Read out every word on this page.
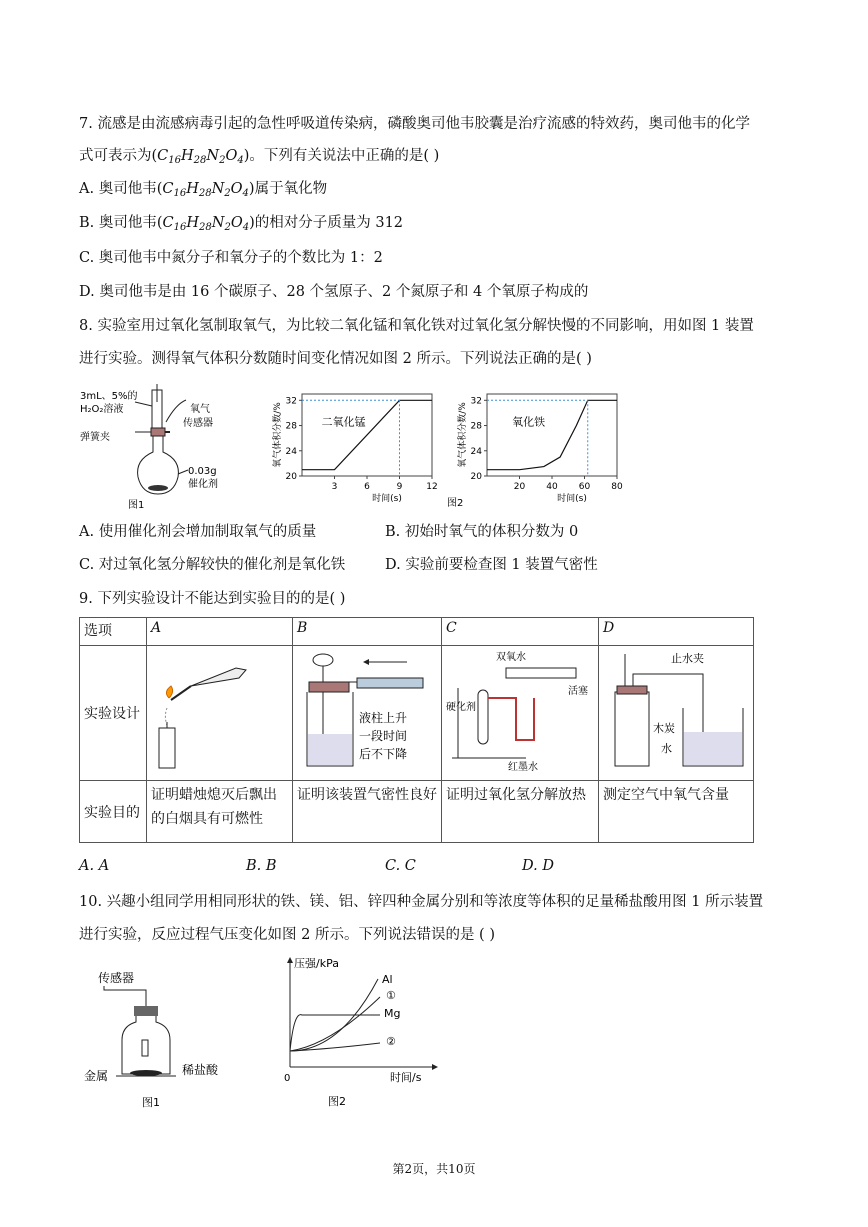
7. 流感是由流感病毒引起的急性呼吸道传染病，磷酸奥司他韦胶囊是治疗流感的特效药，奥司他韦的化学
式可表示为$(C_{16}H_{28}N_2O_4)$。下列有关说法中正确的是( )
A. 奥司他韦$(C_{16}H_{28}N_2O_4)$属于氧化物
B. 奥司他韦$(C_{16}H_{28}N_2O_4)$的相对分子质量为 312
C. 奥司他韦中氮分子和氧分子的个数比为 1：2
D. 奥司他韦是由 16 个碳原子、28 个氢原子、2 个氮原子和 4 个氧原子构成的
8. 实验室用过氧化氢制取氧气，为比较二氧化锰和氧化铁对过氧化氢分解快慢的不同影响，用如图 1 装置
进行实验。测得氧气体积分数随时间变化情况如图 2 所示。下列说法正确的是( )
3mL、5%的
H₂O₂溶液	氧气
传感器
弹簧夹
0.03g
催化剂
图1
20
24
28
32
3	6	9	12
氧气体积分数/%
时间(s)
二氧化锰
20
24
28
32
20 40 60 80
氧气体积分数/%
时间(s)
氧化铁
图2
A. 使用催化剂会增加制取氧气的质量	B. 初始时氧气的体积分数为 0
C. 对过氧化氢分解较快的催化剂是氧化铁	D. 实验前要检查图 1 装置气密性
9. 下列实验设计不能达到实验目的的是( )
选项	A	B	C	D
实验设计		液柱上升
一段时间
后不下降	双氧水
活塞
红墨水
硬化剂	止水夹
木炭
水

实验目的	证明蜡烛熄灭后飘出的白烟具有可燃性	证明该装置气密性良好	证明过氧化氢分解放热	测定空气中氧气含量
A. A	B. B	C. C	D. D
10. 兴趣小组同学用相同形状的铁、镁、铝、锌四种金属分别和等浓度等体积的足量稀盐酸用图 1 所示装置
进行实验，反应过程气压变化如图 2 所示。下列说法错误的是 ( )
传感器
金属	稀盐酸
图1
压强/kPa
时间/s
0
Al
①
Mg
②
图2
第2页，共10页
